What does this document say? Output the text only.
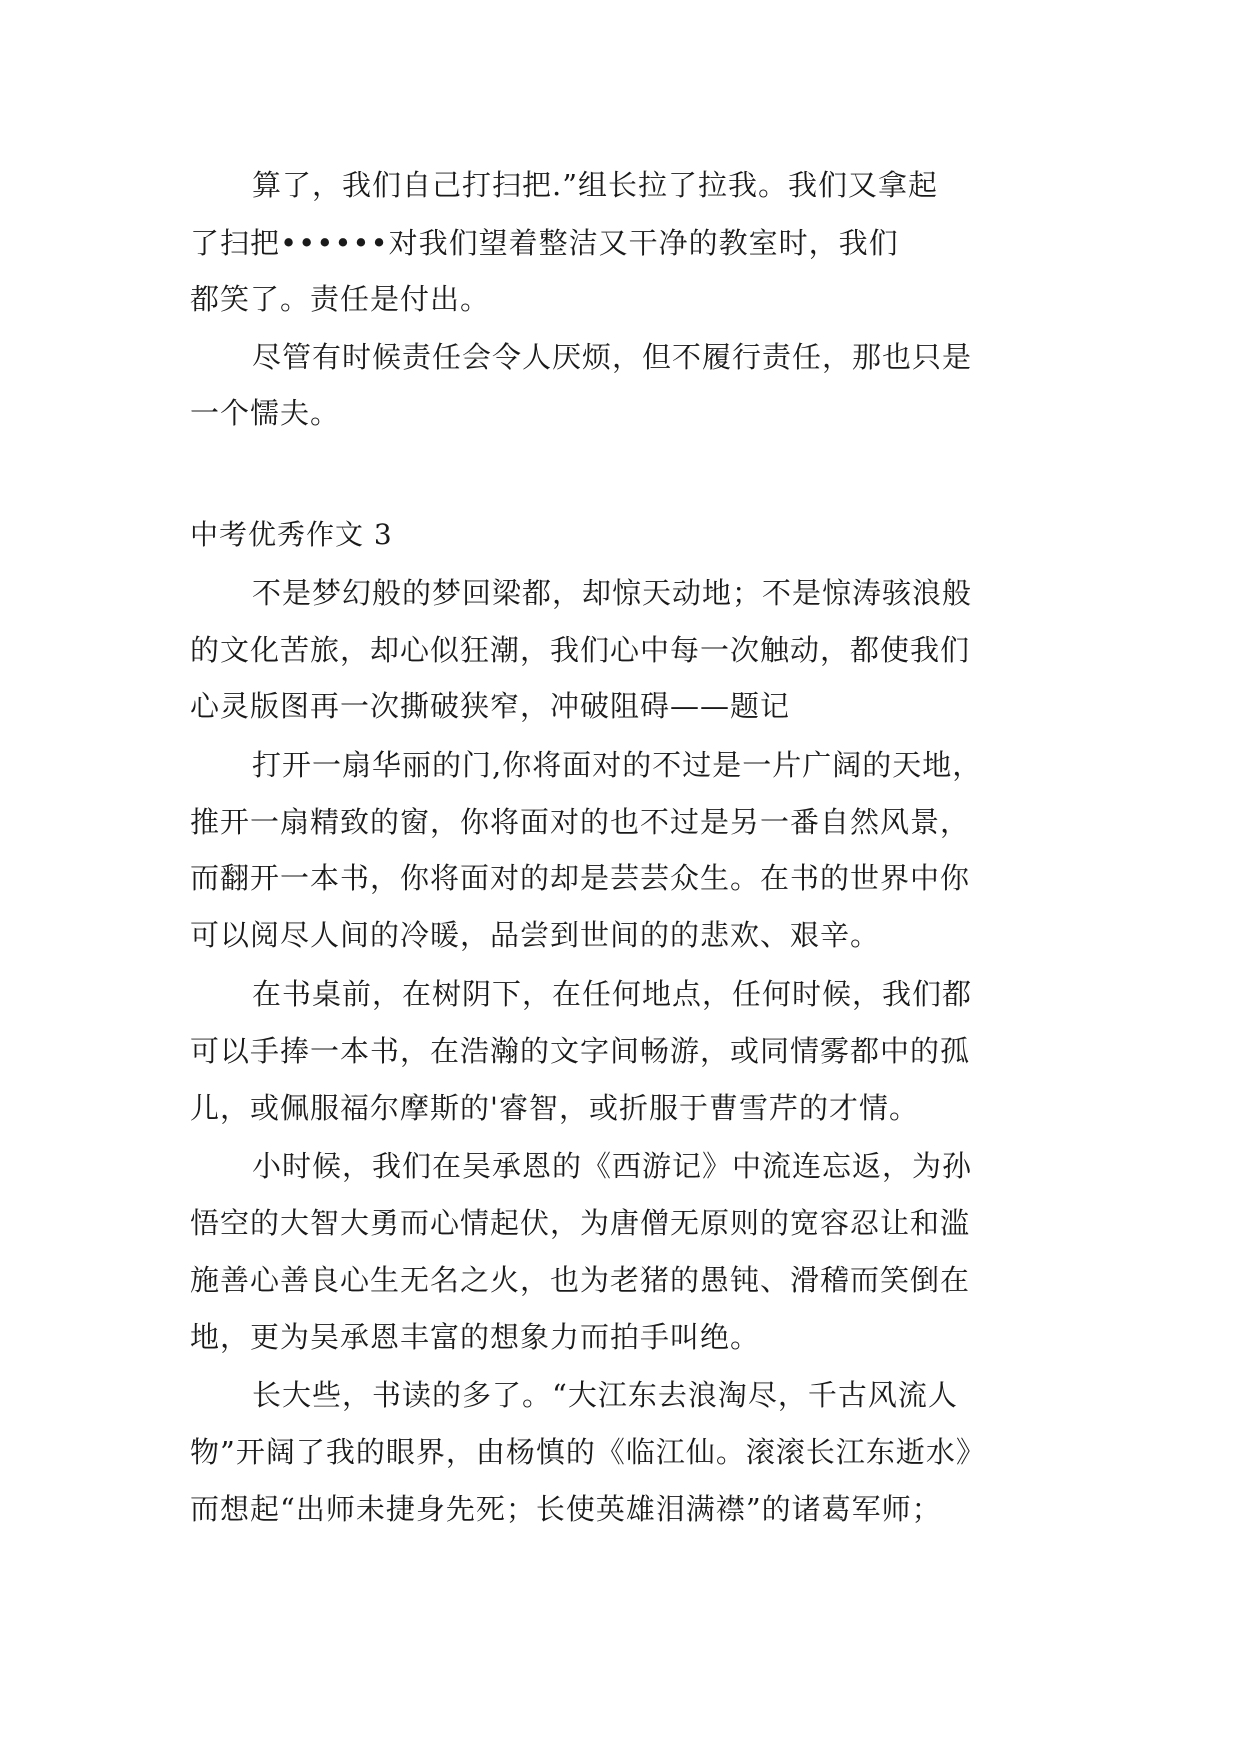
算了，我们自己打扫把.”组长拉了拉我。我们又拿起
了扫把••••••对我们望着整洁又干净的教室时，我们
都笑了。责任是付出。
尽管有时候责任会令人厌烦，但不履行责任，那也只是
一个懦夫。
中考优秀作文 3
不是梦幻般的梦回梁都，却惊天动地；不是惊涛骇浪般
的文化苦旅，却心似狂潮，我们心中每一次触动，都使我们
心灵版图再一次撕破狭窄，冲破阻碍——题记
打开一扇华丽的门,你将面对的不过是一片广阔的天地，
推开一扇精致的窗，你将面对的也不过是另一番自然风景，
而翻开一本书，你将面对的却是芸芸众生。在书的世界中你
可以阅尽人间的冷暖，品尝到世间的的悲欢、艰辛。
在书桌前，在树阴下，在任何地点，任何时候，我们都
可以手捧一本书，在浩瀚的文字间畅游，或同情雾都中的孤
儿，或佩服福尔摩斯的'睿智，或折服于曹雪芹的才情。
小时候，我们在吴承恩的《西游记》中流连忘返，为孙
悟空的大智大勇而心情起伏，为唐僧无原则的宽容忍让和滥
施善心善良心生无名之火，也为老猪的愚钝、滑稽而笑倒在
地，更为吴承恩丰富的想象力而拍手叫绝。
长大些，书读的多了。“大江东去浪淘尽，千古风流人
物”开阔了我的眼界，由杨慎的《临江仙。滚滚长江东逝水》
而想起“出师未捷身先死；长使英雄泪满襟”的诸葛军师；
